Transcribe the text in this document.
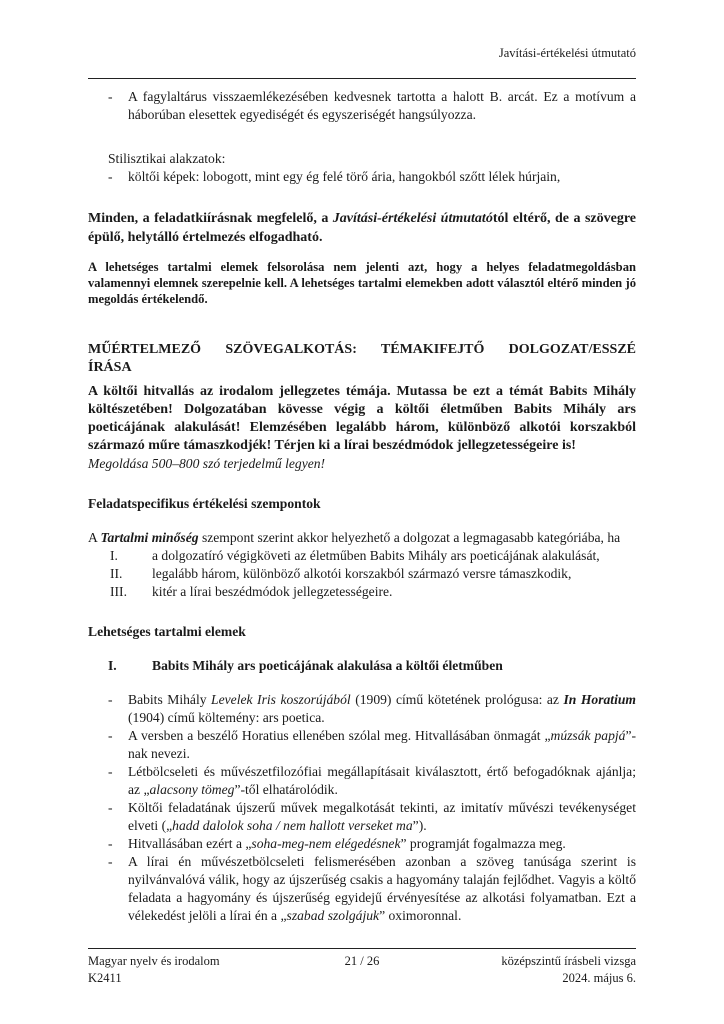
Javítási-értékelési útmutató
- A fagylaltárus visszaemlékezésében kedvesnek tartotta a halott B. arcát. Ez a motívum a háborúban elesettek egyediségét és egyszeriségét hangsúlyozza.
Stilisztikai alakzatok:
- költői képek: lobogott, mint egy ég felé törő ária, hangokból szőtt lélek húrjain,
Minden, a feladatkiírásnak megfelelő, a Javítási-értékelési útmutatótól eltérő, de a szövegre épülő, helytálló értelmezés elfogadható.
A lehetséges tartalmi elemek felsorolása nem jelenti azt, hogy a helyes feladatmegoldásban valamennyi elemnek szerepelnie kell. A lehetséges tartalmi elemekben adott választól eltérő minden jó megoldás értékelendő.
MŰÉRTELMEZŐ SZÖVEGALKOTÁS: TÉMAKIFEJTŐ DOLGOZAT/ESSZÉ ÍRÁSA
A költői hitvallás az irodalom jellegzetes témája. Mutassa be ezt a témát Babits Mihály költészetében! Dolgozatában kövesse végig a költői életműben Babits Mihály ars poeticájának alakulását! Elemzésében legalább három, különböző alkotói korszakból származó műre támaszkodjék! Térjen ki a lírai beszédmódok jellegzetességeire is!
Megoldása 500–800 szó terjedelmű legyen!
Feladatspecifikus értékelési szempontok
A Tartalmi minőség szempont szerint akkor helyezhető a dolgozat a legmagasabb kategóriába, ha
I.	a dolgozatíró végigköveti az életműben Babits Mihály ars poeticájának alakulását,
II. legalább három, különböző alkotói korszakból származó versre támaszkodik,
III. kitér a lírai beszédmódok jellegzetességeire.
Lehetséges tartalmi elemek
I.	Babits Mihály ars poeticájának alakulása a költői életműben
- Babits Mihály Levelek Iris koszorújából (1909) című kötetének prológusa: az In Horatium (1904) című költemény: ars poetica.
- A versben a beszélő Horatius ellenében szólal meg. Hitvallásában önmagát „múzsák papjá”-nak nevezi.
- Létbölcseleti és művészetfilozófiai megállapításait kiválasztott, értő befogadóknak ajánlja; az „alacsony tömeg”-től elhatárolódik.
- Költői feladatának újszerű művek megalkotását tekinti, az imitatív művészi tevékenységet elveti („hadd dalolok soha / nem hallott verseket ma”).
- Hitvallásában ezért a „soha-meg-nem elégedésnek” programját fogalmazza meg.
- A lírai én művészetbölcseleti felismerésében azonban a szöveg tanúsága szerint is nyilvánvalóvá válik, hogy az újszerűség csakis a hagyomány talaján fejlődhet. Vagyis a költő feladata a hagyomány és újszerűség egyidejű érvényesítése az alkotási folyamatban. Ezt a vélekedést jelöli a lírai én a „szabad szolgájuk” oximoronnal.
Magyar nyelv és irodalom
K2411
21 / 26	középszintű írásbeli vizsga
2024. május 6.
